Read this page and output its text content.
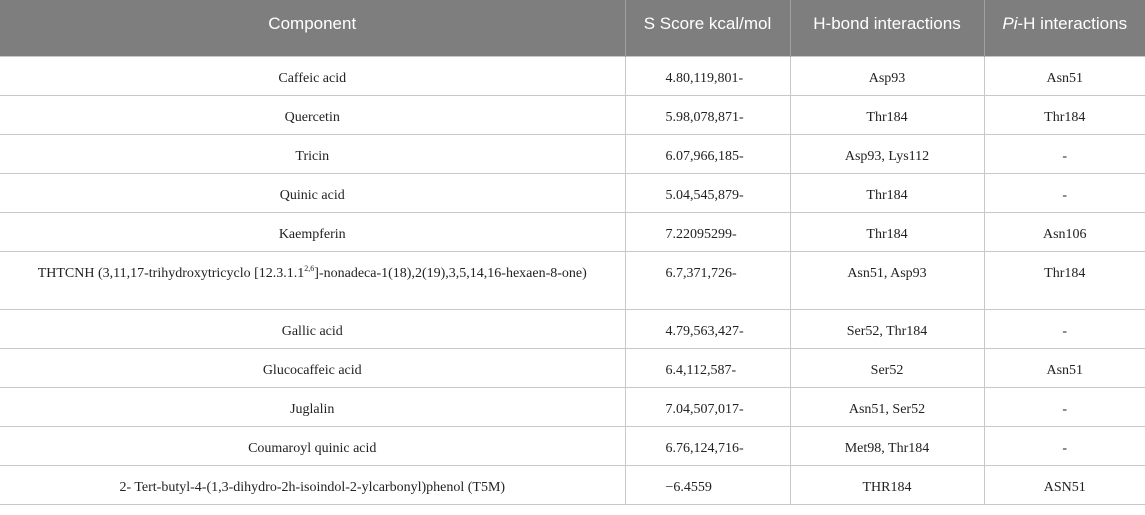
Component	S Score kcal/mol	H-bond interactions	Pi-H interactions
Caffeic acid	4.80,119,801-	Asp93	Asn51
Quercetin	5.98,078,871-	Thr184	Thr184
Tricin	6.07,966,185-	Asp93, Lys112	-
Quinic acid	5.04,545,879-	Thr184	-
Kaempferin	7.22095299-	Thr184	Asn106
THTCNH (3,11,17-trihydroxytricyclo [12.3.1.1$^{2,6}$]-nonadeca-1(18),2(19),3,5,14,16-hexaen-8-one)	6.7,371,726-	Asn51, Asp93	Thr184
Gallic acid	4.79,563,427-	Ser52, Thr184	-
Glucocaffeic acid	6.4,112,587-	Ser52	Asn51
Juglalin	7.04,507,017-	Asn51, Ser52	-
Coumaroyl quinic acid	6.76,124,716-	Met98, Thr184	-
2- Tert-butyl-4-(1,3-dihydro-2h-isoindol-2-ylcarbonyl)phenol (T5M)	−6.4559	THR184	ASN51
